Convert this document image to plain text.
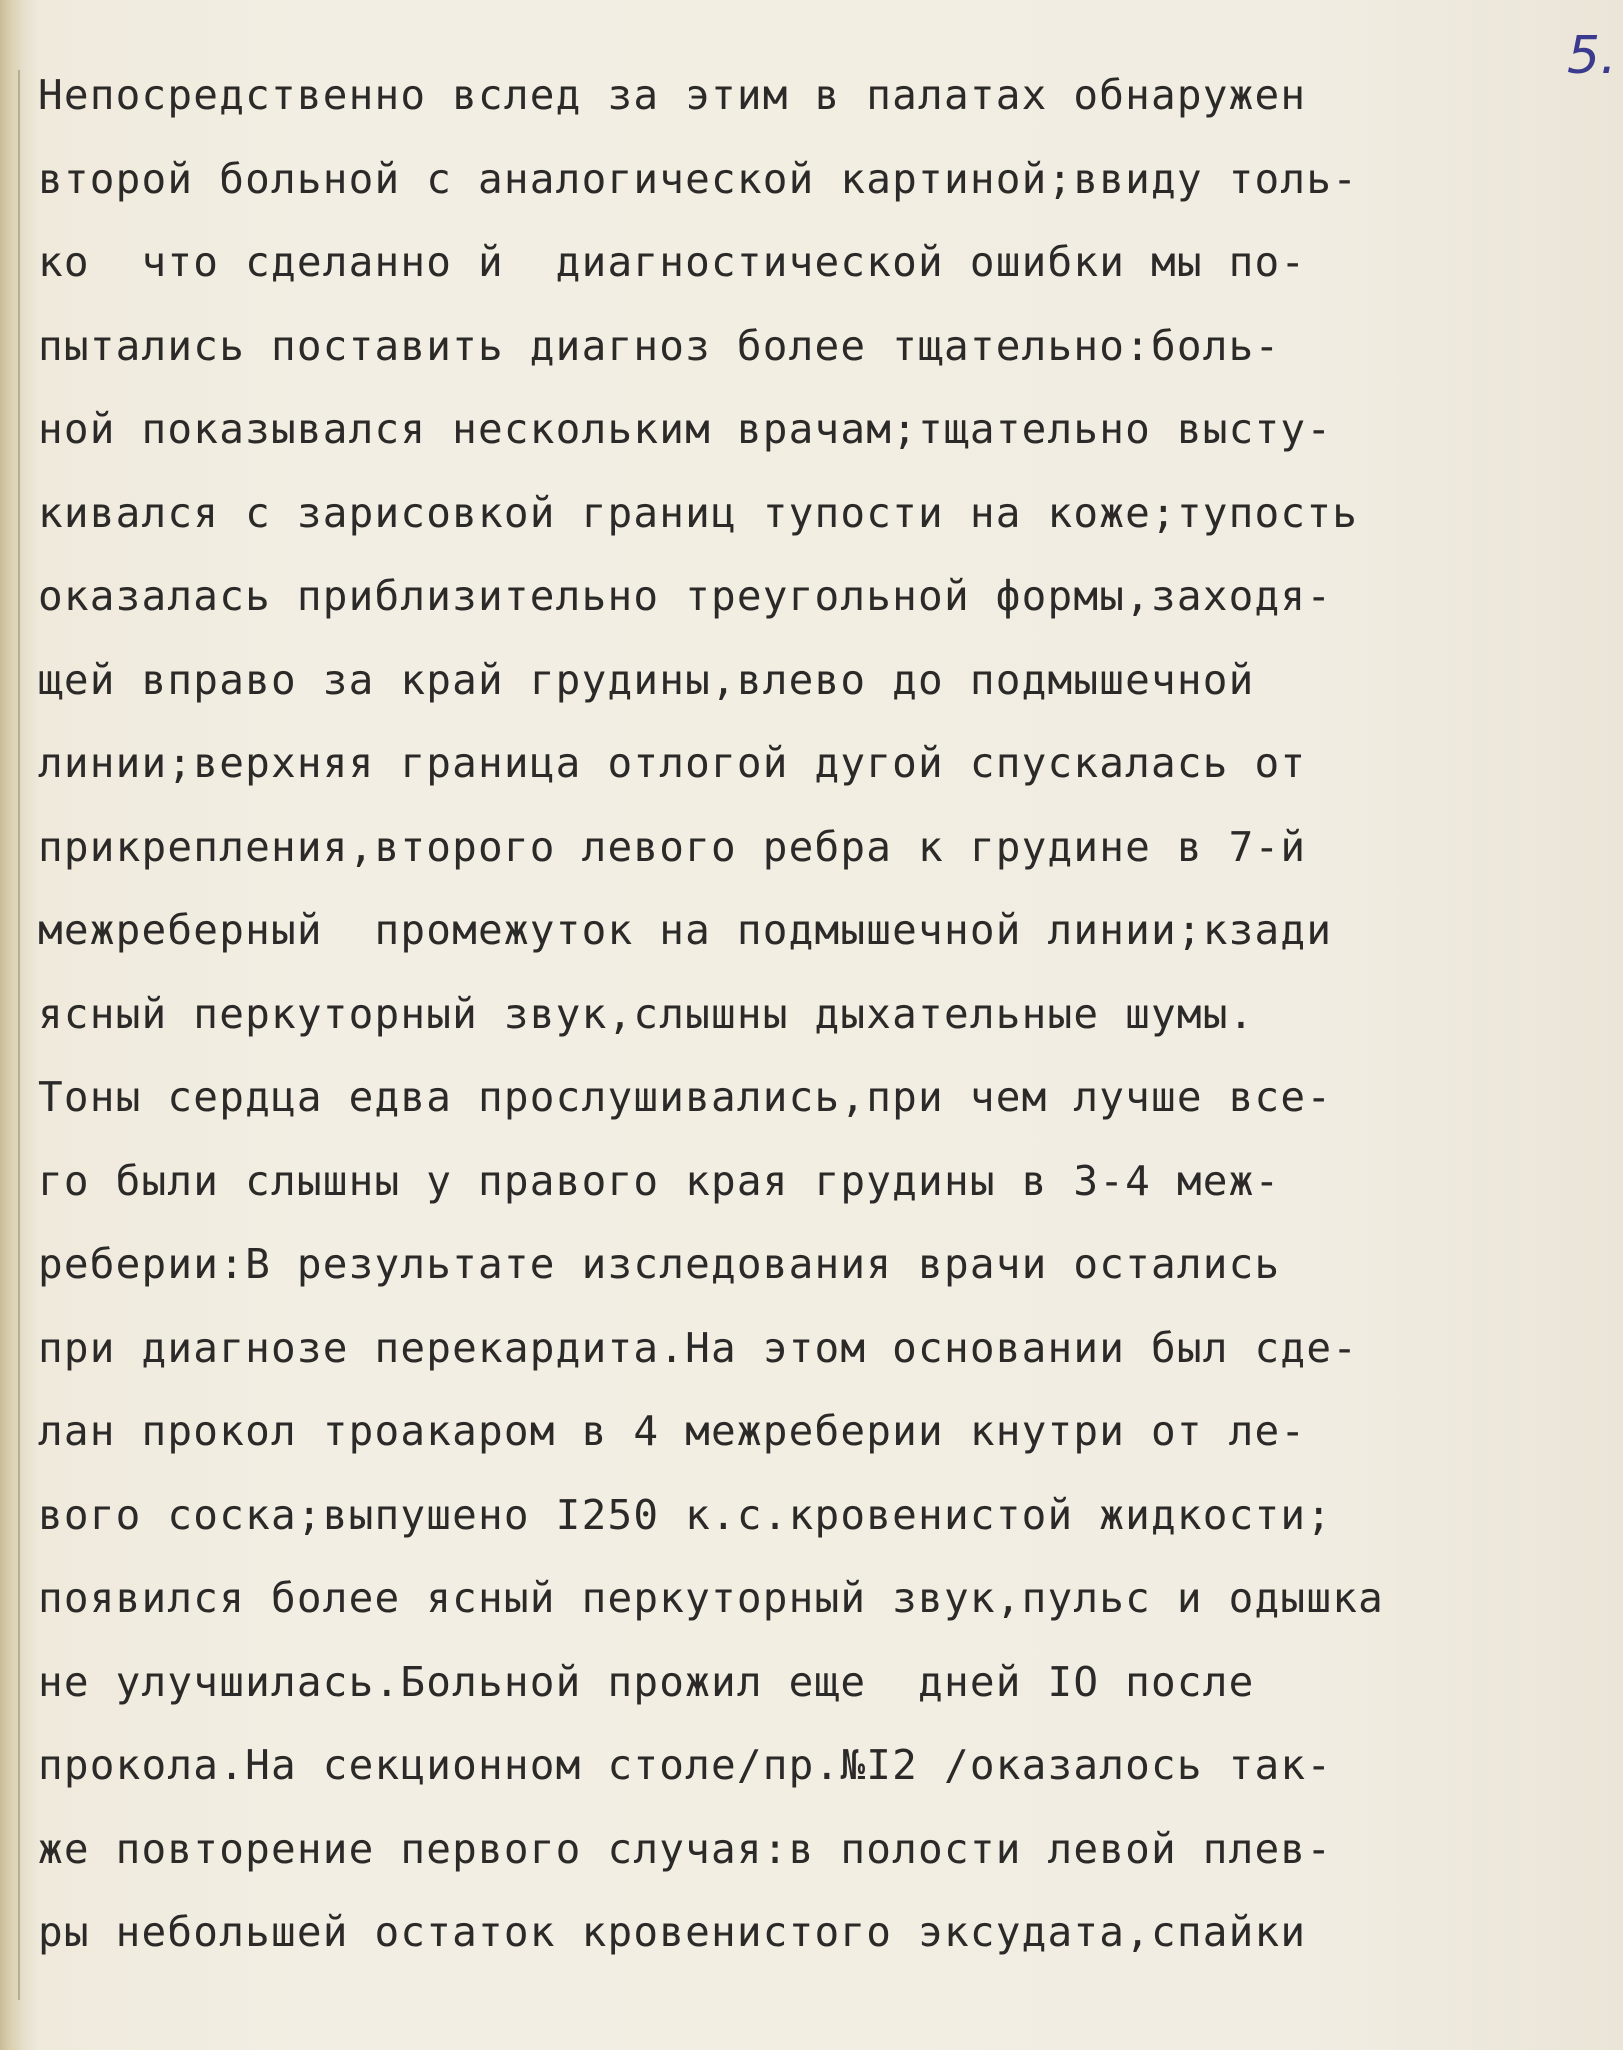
5.
Непосредственно вслед за этим в палатах обнаружен
второй больной с аналогической картиной;ввиду толь-
ко  что сделанно й  диагностической ошибки мы по-
пытались поставить диагноз более тщательно:боль-
ной показывался нескольким врачам;тщательно высту-
кивался с зарисовкой границ тупости на коже;тупость
оказалась приблизительно треугольной формы,заходя-
щей вправо за край грудины,влево до подмышечной
линии;верхняя граница отлогой дугой спускалась от
прикрепления,второго левого ребра к грудине в 7-й
межреберный  промежуток на подмышечной линии;кзади
ясный перкуторный звук,слышны дыхательные шумы.
Тоны сердца едва прослушивались,при чем лучше все-
го были слышны у правого края грудины в 3-4 меж-
реберии:В результате изследования врачи остались
при диагнозе перекардита.На этом основании был сде-
лан прокол троакаром в 4 межреберии кнутри от ле-
вого соска;выпушено I250 к.с.кровенистой жидкости;
появился более ясный перкуторный звук,пульс и одышка
не улучшилась.Больной прожил еще  дней IO после
прокола.На секционном столе/пр.№I2 /оказалось так-
же повторение первого случая:в полости левой плев-
ры небольшей остаток кровенистого эксудата,спайки
